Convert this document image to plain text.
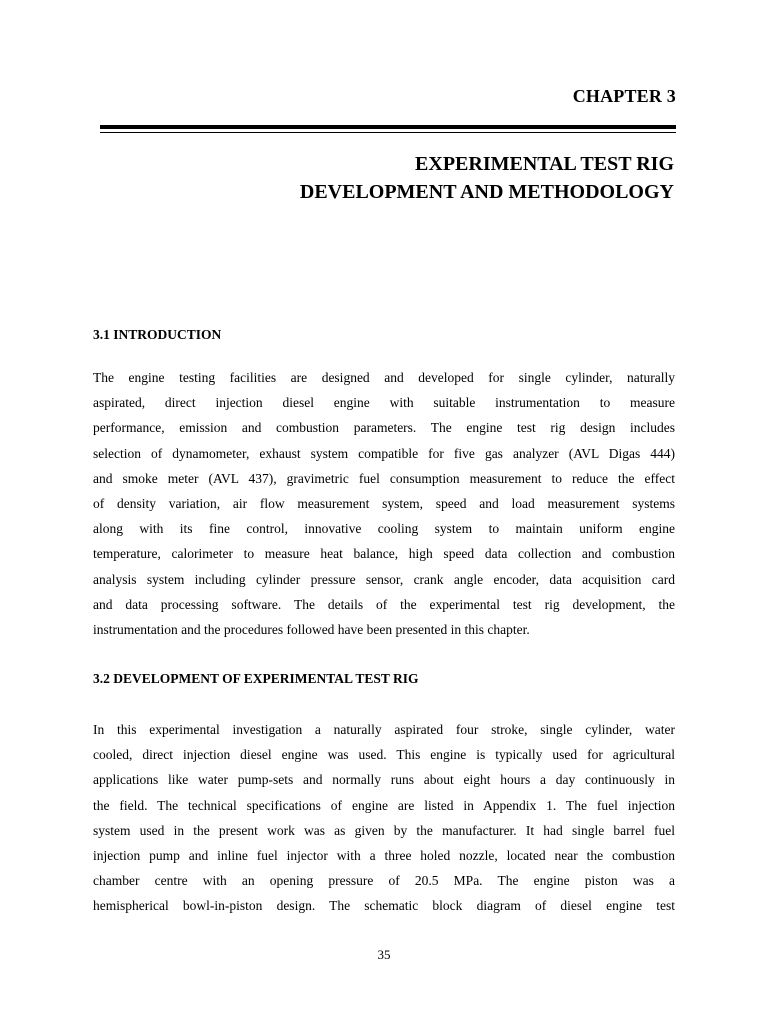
CHAPTER 3
EXPERIMENTAL TEST RIG
DEVELOPMENT AND METHODOLOGY
3.1 INTRODUCTION
The engine testing facilities are designed and developed for single cylinder, naturally
aspirated, direct injection diesel engine with suitable instrumentation to measure
performance, emission and combustion parameters. The engine test rig design includes
selection of dynamometer, exhaust system compatible for five gas analyzer (AVL Digas 444)
and smoke meter (AVL 437), gravimetric fuel consumption measurement to reduce the effect
of density variation, air flow measurement system, speed and load measurement systems
along with its fine control, innovative cooling system to maintain uniform engine
temperature, calorimeter to measure heat balance, high speed data collection and combustion
analysis system including cylinder pressure sensor, crank angle encoder, data acquisition card
and data processing software. The details of the experimental test rig development, the
instrumentation and the procedures followed have been presented in this chapter.
3.2 DEVELOPMENT OF EXPERIMENTAL TEST RIG
In this experimental investigation a naturally aspirated four stroke, single cylinder, water
cooled, direct injection diesel engine was used. This engine is typically used for agricultural
applications like water pump-sets and normally runs about eight hours a day continuously in
the field. The technical specifications of engine are listed in Appendix 1. The fuel injection
system used in the present work was as given by the manufacturer. It had single barrel fuel
injection pump and inline fuel injector with a three holed nozzle, located near the combustion
chamber centre with an opening pressure of 20.5 MPa. The engine piston was a
hemispherical bowl-in-piston design. The schematic block diagram of diesel engine test
35
